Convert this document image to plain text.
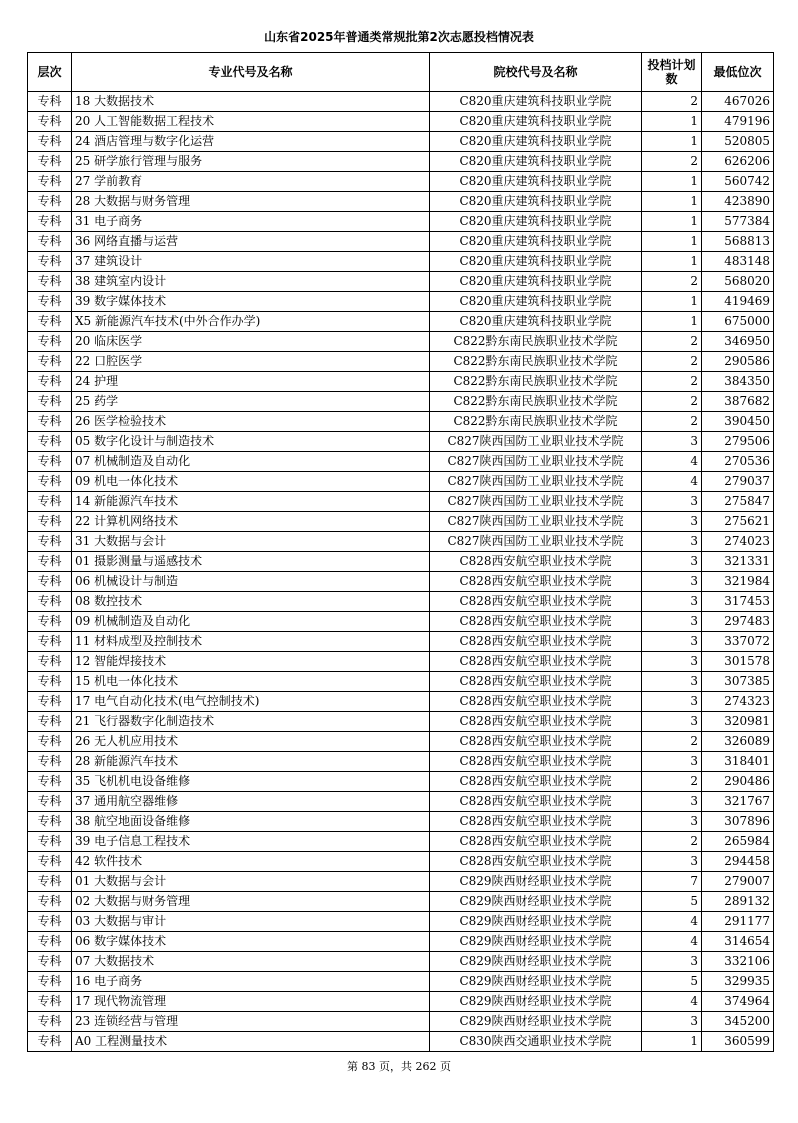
山东省2025年普通类常规批第2次志愿投档情况表
层次	专业代号及名称	院校代号及名称	投档计划数	最低位次
专科	18 大数据技术	C820重庆建筑科技职业学院	2	467026
专科	20 人工智能数据工程技术	C820重庆建筑科技职业学院	1	479196
专科	24 酒店管理与数字化运营	C820重庆建筑科技职业学院	1	520805
专科	25 研学旅行管理与服务	C820重庆建筑科技职业学院	2	626206
专科	27 学前教育	C820重庆建筑科技职业学院	1	560742
专科	28 大数据与财务管理	C820重庆建筑科技职业学院	1	423890
专科	31 电子商务	C820重庆建筑科技职业学院	1	577384
专科	36 网络直播与运营	C820重庆建筑科技职业学院	1	568813
专科	37 建筑设计	C820重庆建筑科技职业学院	1	483148
专科	38 建筑室内设计	C820重庆建筑科技职业学院	2	568020
专科	39 数字媒体技术	C820重庆建筑科技职业学院	1	419469
专科	X5 新能源汽车技术(中外合作办学)	C820重庆建筑科技职业学院	1	675000
专科	20 临床医学	C822黔东南民族职业技术学院	2	346950
专科	22 口腔医学	C822黔东南民族职业技术学院	2	290586
专科	24 护理	C822黔东南民族职业技术学院	2	384350
专科	25 药学	C822黔东南民族职业技术学院	2	387682
专科	26 医学检验技术	C822黔东南民族职业技术学院	2	390450
专科	05 数字化设计与制造技术	C827陕西国防工业职业技术学院	3	279506
专科	07 机械制造及自动化	C827陕西国防工业职业技术学院	4	270536
专科	09 机电一体化技术	C827陕西国防工业职业技术学院	4	279037
专科	14 新能源汽车技术	C827陕西国防工业职业技术学院	3	275847
专科	22 计算机网络技术	C827陕西国防工业职业技术学院	3	275621
专科	31 大数据与会计	C827陕西国防工业职业技术学院	3	274023
专科	01 摄影测量与遥感技术	C828西安航空职业技术学院	3	321331
专科	06 机械设计与制造	C828西安航空职业技术学院	3	321984
专科	08 数控技术	C828西安航空职业技术学院	3	317453
专科	09 机械制造及自动化	C828西安航空职业技术学院	3	297483
专科	11 材料成型及控制技术	C828西安航空职业技术学院	3	337072
专科	12 智能焊接技术	C828西安航空职业技术学院	3	301578
专科	15 机电一体化技术	C828西安航空职业技术学院	3	307385
专科	17 电气自动化技术(电气控制技术)	C828西安航空职业技术学院	3	274323
专科	21 飞行器数字化制造技术	C828西安航空职业技术学院	3	320981
专科	26 无人机应用技术	C828西安航空职业技术学院	2	326089
专科	28 新能源汽车技术	C828西安航空职业技术学院	3	318401
专科	35 飞机机电设备维修	C828西安航空职业技术学院	2	290486
专科	37 通用航空器维修	C828西安航空职业技术学院	3	321767
专科	38 航空地面设备维修	C828西安航空职业技术学院	3	307896
专科	39 电子信息工程技术	C828西安航空职业技术学院	2	265984
专科	42 软件技术	C828西安航空职业技术学院	3	294458
专科	01 大数据与会计	C829陕西财经职业技术学院	7	279007
专科	02 大数据与财务管理	C829陕西财经职业技术学院	5	289132
专科	03 大数据与审计	C829陕西财经职业技术学院	4	291177
专科	06 数字媒体技术	C829陕西财经职业技术学院	4	314654
专科	07 大数据技术	C829陕西财经职业技术学院	3	332106
专科	16 电子商务	C829陕西财经职业技术学院	5	329935
专科	17 现代物流管理	C829陕西财经职业技术学院	4	374964
专科	23 连锁经营与管理	C829陕西财经职业技术学院	3	345200
专科	A0 工程测量技术	C830陕西交通职业技术学院	1	360599
第 83 页，共 262 页
